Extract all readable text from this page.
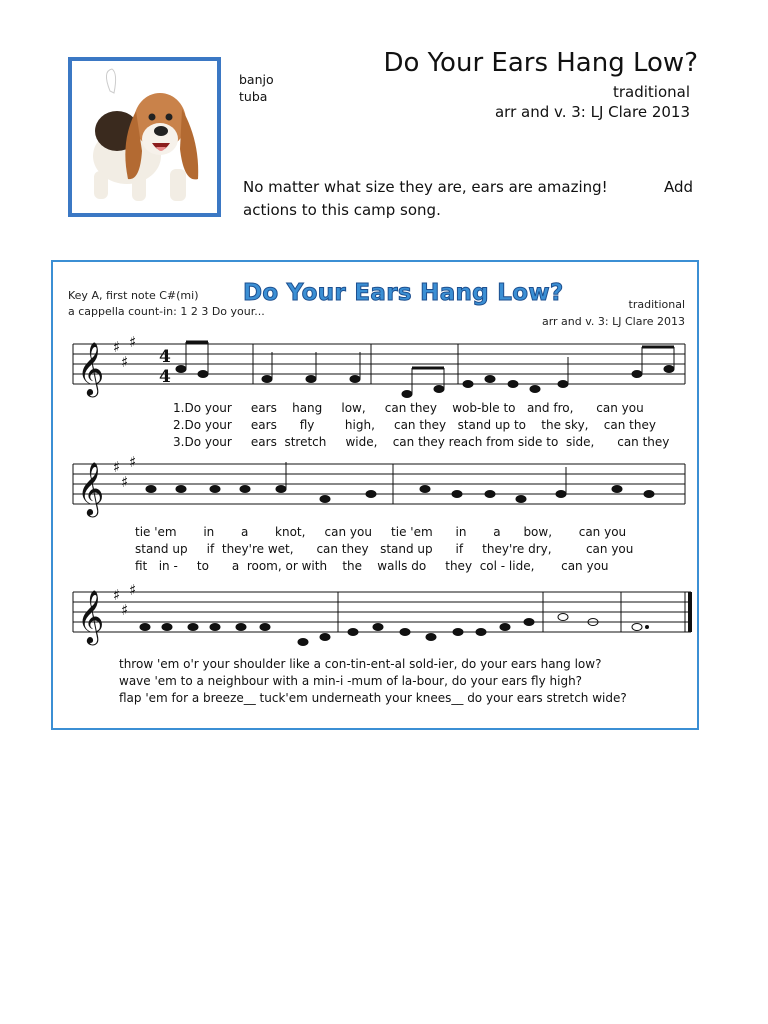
banjo
tuba
Do Your Ears Hang Low?
traditional
arr and v. 3: LJ Clare 2013
No matter what size they are, ears are amazing!	Add
actions to this camp song.
Key A, first note C#(mi)
a cappella count-in: 1 2 3 Do your...
Do Your Ears Hang Low?	traditional
arr and v. 3: LJ Clare 2013
𝄞
𝄞
𝄞
♯
♯
♯
♯
♯
♯
♯
♯
♯
4
4
1.Do your ears hang low, can they wob-ble to and fro, can you
2.Do your ears fly	high, can they stand up to the sky, can they
3.Do your ears stretch wide, can they reach from side to side, can they
tie 'em in a knot, can you tie 'em in a bow, can you
stand up if they're wet, can they stand up if they're dry,	can you
fit in - to a room, or with the walls do they col - lide, can you
throw 'em o'r your shoulder like a con-tin-ent-al sold-ier, do your ears hang low?
wave 'em to a neighbour with a min-i -mum of la-bour, do your ears fly high?
flap 'em for a breeze__ tuck'em underneath your knees__ do your ears stretch wide?
